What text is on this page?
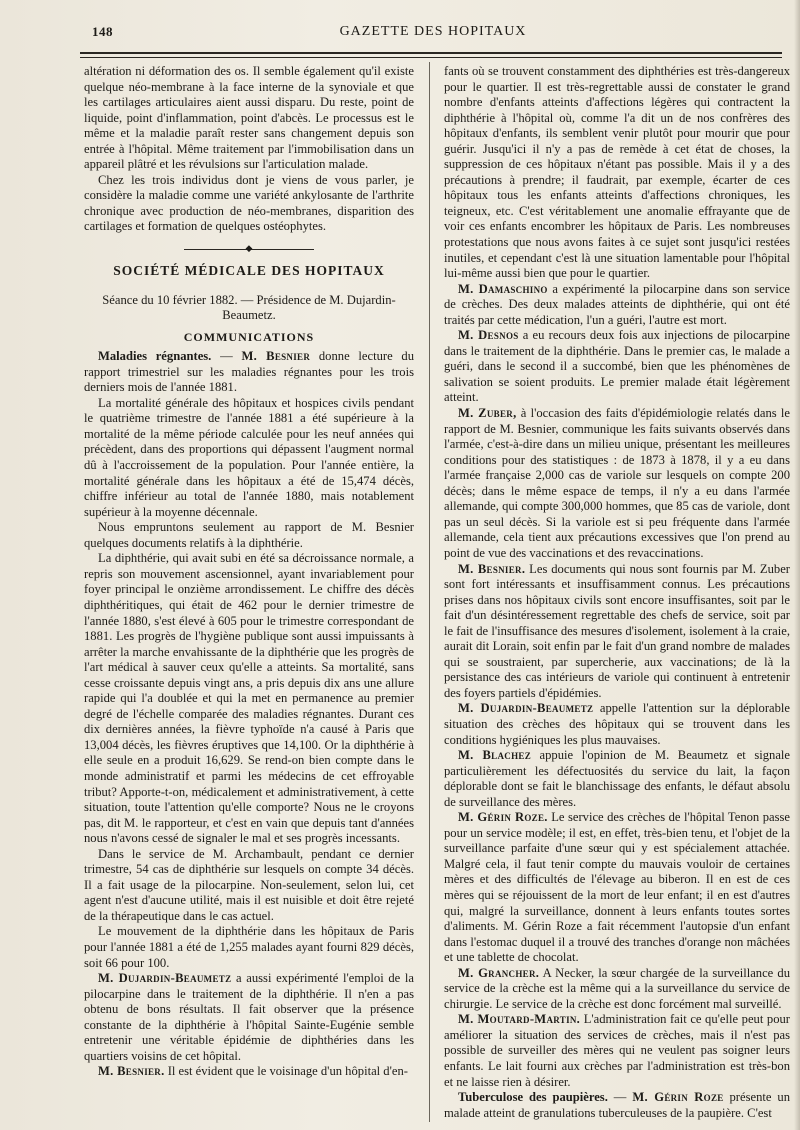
148	GAZETTE DES HOPITAUX

altération ni déformation des os. Il semble également qu'il existe quelque néo-membrane à la face interne de la synoviale et que les cartilages articulaires aient aussi disparu. Du reste, point de liquide, point d'inflammation, point d'abcès. Le processus est le même et la maladie paraît rester sans changement depuis son entrée à l'hôpital. Même traitement par l'immobilisation dans un appareil plâtré et les révulsions sur l'articulation malade.

Chez les trois individus dont je viens de vous parler, je considère la maladie comme une variété ankylosante de l'arthrite chronique avec production de néo-membranes, disparition des cartilages et formation de quelques ostéophytes.

◆
SOCIÉTÉ MÉDICALE DES HOPITAUX

Séance du 10 février 1882. — Présidence de M. Dujardin-Beaumetz.

COMMUNICATIONS

Maladies régnantes. — M. Besnier donne lecture du rapport trimestriel sur les maladies régnantes pour les trois derniers mois de l'année 1881.

La mortalité générale des hôpitaux et hospices civils pendant le quatrième trimestre de l'année 1881 a été supérieure à la mortalité de la même période calculée pour les neuf années qui précèdent, dans des proportions qui dépassent l'augment normal dû à l'accroissement de la population. Pour l'année entière, la mortalité générale dans les hôpitaux a été de 15,474 décès, chiffre inférieur au total de l'année 1880, mais notablement supérieur à la moyenne décennale.

Nous empruntons seulement au rapport de M. Besnier quelques documents relatifs à la diphthérie.

La diphthérie, qui avait subi en été sa décroissance normale, a repris son mouvement ascensionnel, ayant invariablement pour foyer principal le onzième arrondissement. Le chiffre des décès diphthéritiques, qui était de 462 pour le dernier trimestre de l'année 1880, s'est élevé à 605 pour le trimestre correspondant de 1881. Les progrès de l'hygiène publique sont aussi impuissants à arrêter la marche envahissante de la diphthérie que les progrès de l'art médical à sauver ceux qu'elle a atteints. Sa mortalité, sans cesse croissante depuis vingt ans, a pris depuis dix ans une allure rapide qui l'a doublée et qui la met en permanence au premier degré de l'échelle comparée des maladies régnantes. Durant ces dix dernières années, la fièvre typhoïde n'a causé à Paris que 13,004 décès, les fièvres éruptives que 14,100. Or la diphthérie à elle seule en a produit 16,629. Se rend-on bien compte dans le monde administratif et parmi les médecins de cet effroyable tribut? Apporte-t-on, médicalement et administrativement, à cette situation, toute l'attention qu'elle comporte? Nous ne le croyons pas, dit M. le rapporteur, et c'est en vain que depuis tant d'années nous n'avons cessé de signaler le mal et ses progrès incessants.

Dans le service de M. Archambault, pendant ce dernier trimestre, 54 cas de diphthérie sur lesquels on compte 34 décès. Il a fait usage de la pilocarpine. Non-seulement, selon lui, cet agent n'est d'aucune utilité, mais il est nuisible et doit être rejeté de la thérapeutique dans le cas actuel.

Le mouvement de la diphthérie dans les hôpitaux de Paris pour l'année 1881 a été de 1,255 malades ayant fourni 829 décès, soit 66 pour 100.

M. Dujardin-Beaumetz a aussi expérimenté l'emploi de la pilocarpine dans le traitement de la diphthérie. Il n'en a pas obtenu de bons résultats. Il fait observer que la présence constante de la diphthérie à l'hôpital Sainte-Eugénie semble entretenir une véritable épidémie de diphthéries dans les quartiers voisins de cet hôpital.

M. Besnier. Il est évident que le voisinage d'un hôpital d'en-

fants où se trouvent constamment des diphthéries est très-dangereux pour le quartier. Il est très-regrettable aussi de constater le grand nombre d'enfants atteints d'affections légères qui contractent la diphthérie à l'hôpital où, comme l'a dit un de nos confrères des hôpitaux d'enfants, ils semblent venir plutôt pour mourir que pour guérir. Jusqu'ici il n'y a pas de remède à cet état de choses, la suppression de ces hôpitaux n'étant pas possible. Mais il y a des précautions à prendre; il faudrait, par exemple, écarter de ces hôpitaux tous les enfants atteints d'affections chroniques, les teigneux, etc. C'est véritablement une anomalie effrayante que de voir ces enfants encombrer les hôpitaux de Paris. Les nombreuses protestations que nous avons faites à ce sujet sont jusqu'ici restées inutiles, et cependant c'est là une situation lamentable pour l'hôpital lui-même aussi bien que pour le quartier.

M. Damaschino a expérimenté la pilocarpine dans son service de crèches. Des deux malades atteints de diphthérie, qui ont été traités par cette médication, l'un a guéri, l'autre est mort.

M. Desnos a eu recours deux fois aux injections de pilocarpine dans le traitement de la diphthérie. Dans le premier cas, le malade a guéri, dans le second il a succombé, bien que les phénomènes de salivation se soient produits. Le premier malade était légèrement atteint.

M. Zuber, à l'occasion des faits d'épidémiologie relatés dans le rapport de M. Besnier, communique les faits suivants observés dans l'armée, c'est-à-dire dans un milieu unique, présentant les meilleures conditions pour des statistiques : de 1873 à 1878, il y a eu dans l'armée française 2,000 cas de variole sur lesquels on compte 200 décès; dans le même espace de temps, il n'y a eu dans l'armée allemande, qui compte 300,000 hommes, que 85 cas de variole, dont pas un seul décès. Si la variole est si peu fréquente dans l'armée allemande, cela tient aux précautions excessives que l'on prend au point de vue des vaccinations et des revaccinations.

M. Besnier. Les documents qui nous sont fournis par M. Zuber sont fort intéressants et insuffisamment connus. Les précautions prises dans nos hôpitaux civils sont encore insuffisantes, soit par le fait d'un désintéressement regrettable des chefs de service, soit par le fait de l'insuffisance des mesures d'isolement, isolement à la craie, aurait dit Lorain, soit enfin par le fait d'un grand nombre de malades qui se soustraient, par supercherie, aux vaccinations; de là la persistance des cas intérieurs de variole qui continuent à entretenir des foyers partiels d'épidémies.

M. Dujardin-Beaumetz appelle l'attention sur la déplorable situation des crèches des hôpitaux qui se trouvent dans les conditions hygiéniques les plus mauvaises.

M. Blachez appuie l'opinion de M. Beaumetz et signale particulièrement les défectuosités du service du lait, la façon déplorable dont se fait le blanchissage des enfants, le défaut absolu de surveillance des mères.

M. Gérin Roze. Le service des crèches de l'hôpital Tenon passe pour un service modèle; il est, en effet, très-bien tenu, et l'objet de la surveillance parfaite d'une sœur qui y est spécialement attachée. Malgré cela, il faut tenir compte du mauvais vouloir de certaines mères et des difficultés de l'élevage au biberon. Il en est de ces mères qui se réjouissent de la mort de leur enfant; il en est d'autres qui, malgré la surveillance, donnent à leurs enfants toutes sortes d'aliments. M. Gérin Roze a fait récemment l'autopsie d'un enfant dans l'estomac duquel il a trouvé des tranches d'orange non mâchées et une tablette de chocolat.

M. Grancher. A Necker, la sœur chargée de la surveillance du service de la crèche est la même qui a la surveillance du service de chirurgie. Le service de la crèche est donc forcément mal surveillé.

M. Moutard-Martin. L'administration fait ce qu'elle peut pour améliorer la situation des services de crèches, mais il n'est pas possible de surveiller des mères qui ne veulent pas soigner leurs enfants. Le lait fourni aux crèches par l'administration est très-bon et ne laisse rien à désirer.

Tuberculose des paupières. — M. Gérin Roze présente un malade atteint de granulations tuberculeuses de la paupière. C'est
